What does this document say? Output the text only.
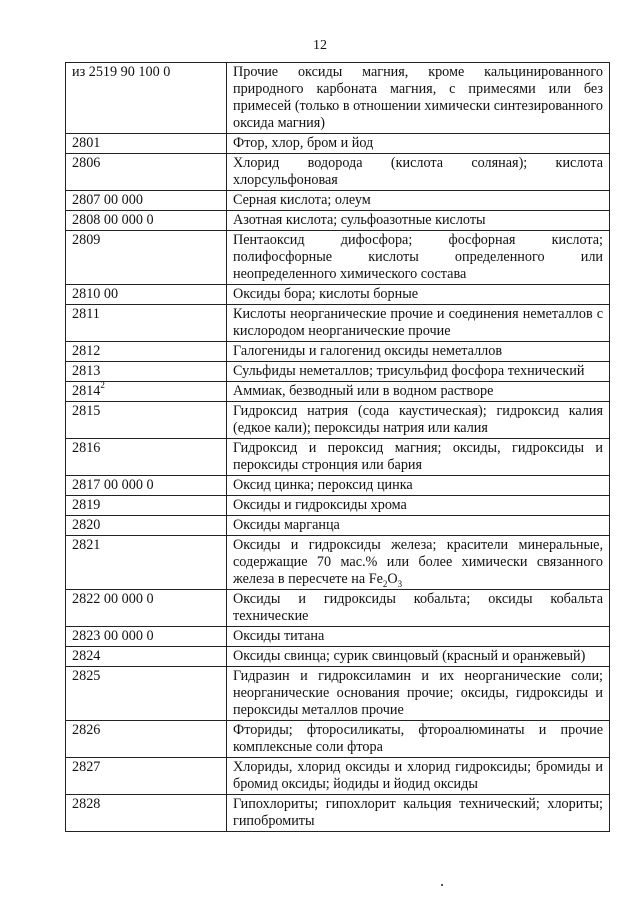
12
из 2519 90 100 0	Прочие оксиды магния, кроме кальцинированного природного карбоната магния, с примесями или без примесей (только в отношении химически синтезированного оксида магния)
2801	Фтор, хлор, бром и йод
2806	Хлорид водорода (кислота соляная); кислота хлорсульфоновая
2807 00 000	Серная кислота; олеум
2808 00 000 0	Азотная кислота; сульфоазотные кислоты
2809	Пентаоксид дифосфора; фосфорная кислота; полифосфорные кислоты определенного или неопределенного химического состава
2810 00	Оксиды бора; кислоты борные
2811	Кислоты неорганические прочие и соединения неметаллов с кислородом неорганические прочие
2812	Галогениды и галогенид оксиды неметаллов
2813	Сульфиды неметаллов; трисульфид фосфора технический
2814$^2$	Аммиак, безводный или в водном растворе
2815	Гидроксид натрия (сода каустическая); гидроксид калия (едкое кали); пероксиды натрия или калия
2816	Гидроксид и пероксид магния; оксиды, гидроксиды и пероксиды стронция или бария
2817 00 000 0	Оксид цинка; пероксид цинка
2819	Оксиды и гидроксиды хрома
2820	Оксиды марганца
2821	Оксиды и гидроксиды железа; красители минеральные, содержащие 70 мас.% или более химически связанного железа в пересчете на $Fe_2O_3$
2822 00 000 0	Оксиды и гидроксиды кобальта; оксиды кобальта технические
2823 00 000 0	Оксиды титана
2824	Оксиды свинца; сурик свинцовый (красный и оранжевый)
2825	Гидразин и гидроксиламин и их неорганические соли; неорганические основания прочие; оксиды, гидроксиды и пероксиды металлов прочие
2826	Фториды; фторосиликаты, фтороалюминаты и прочие комплексные соли фтора
2827	Хлориды, хлорид оксиды и хлорид гидроксиды; бромиды и бромид оксиды; йодиды и йодид оксиды
2828	Гипохлориты; гипохлорит кальция технический; хлориты; гипобромиты
